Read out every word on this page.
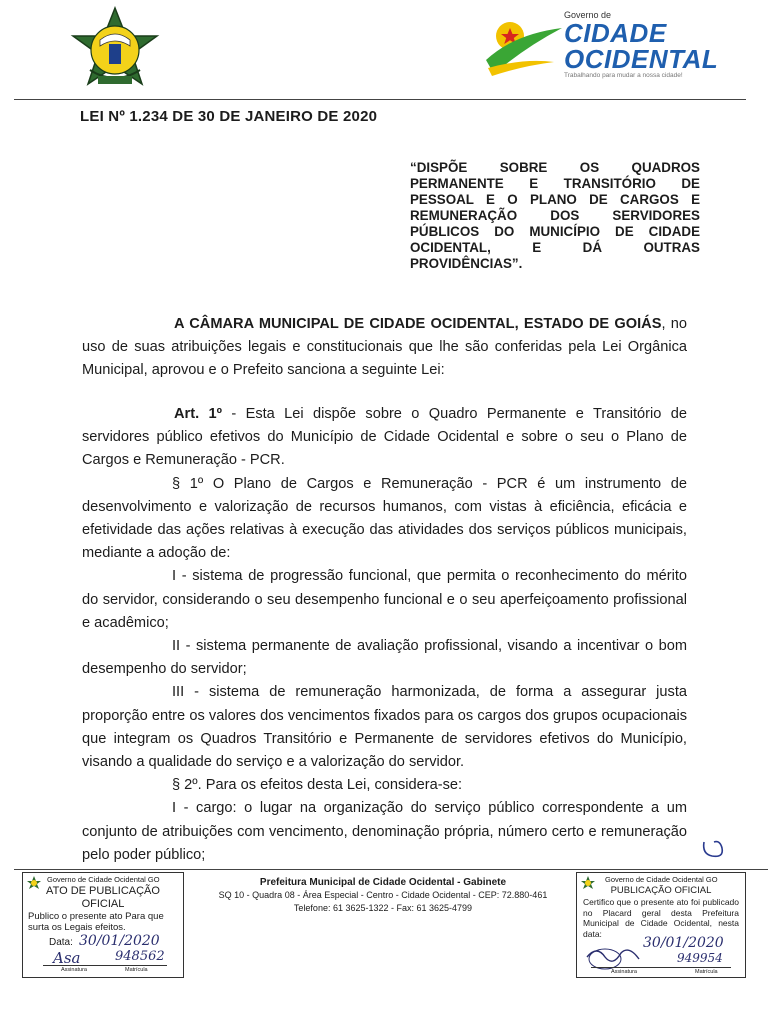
Governo de
CIDADE
OCIDENTAL
Trabalhando para mudar a nossa cidade!
LEI Nº 1.234 DE 30 DE JANEIRO DE 2020
“DISPÕE SOBRE OS QUADROS
PERMANENTE E TRANSITÓRIO DE
PESSOAL E O PLANO DE CARGOS E
REMUNERAÇÃO DOS SERVIDORES
PÚBLICOS DO MUNICÍPIO DE CIDADE
OCIDENTAL, E DÁ OUTRAS
PROVIDÊNCIAS”.

A CÂMARA MUNICIPAL DE CIDADE OCIDENTAL, ESTADO DE GOIÁS, no uso de suas atribuições legais e constitucionais que lhe são conferidas pela Lei Orgânica Municipal, aprovou e o Prefeito sanciona a seguinte Lei:

Art. 1º - Esta Lei dispõe sobre o Quadro Permanente e Transitório de servidores público efetivos do Município de Cidade Ocidental e sobre o seu o Plano de Cargos e Remuneração - PCR.

§ 1º O Plano de Cargos e Remuneração - PCR é um instrumento de desenvolvimento e valorização de recursos humanos, com vistas à eficiência, eficácia e efetividade das ações relativas à execução das atividades dos serviços públicos municipais, mediante a adoção de:

I - sistema de progressão funcional, que permita o reconhecimento do mérito do servidor, considerando o seu desempenho funcional e o seu aperfeiçoamento profissional e acadêmico;

II - sistema permanente de avaliação profissional, visando a incentivar o bom desempenho do servidor;

III - sistema de remuneração harmonizada, de forma a assegurar justa proporção entre os valores dos vencimentos fixados para os cargos dos grupos ocupacionais que integram os Quadros Transitório e Permanente de servidores efetivos do Município, visando a qualidade do serviço e a valorização do servidor.

§ 2º. Para os efeitos desta Lei, considera-se:

I - cargo: o lugar na organização do serviço público correspondente a um conjunto de atribuições com vencimento, denominação própria, número certo e remuneração pelo poder público;

Governo de Cidade Ocidental GO
ATO DE PUBLICAÇÃO
OFICIAL
Publico o presente ato Para que surta os Legais efeitos.
Data: 30/01/2020
Asa	948562
Assinatura	Matrícula
Prefeitura Municipal de Cidade Ocidental - Gabinete
SQ 10 - Quadra 08 - Área Especial - Centro - Cidade Ocidental - CEP: 72.880-461
Telefone: 61 3625-1322 - Fax: 61 3625-4799
Governo de Cidade Ocidental GO
PUBLICAÇÃO OFICIAL
Certifico que o presente ato foi publicado no Placard geral desta Prefeitura Municipal de Cidade Ocidental, nesta data:
30/01/2020
949954
Assinatura	Matrícula
